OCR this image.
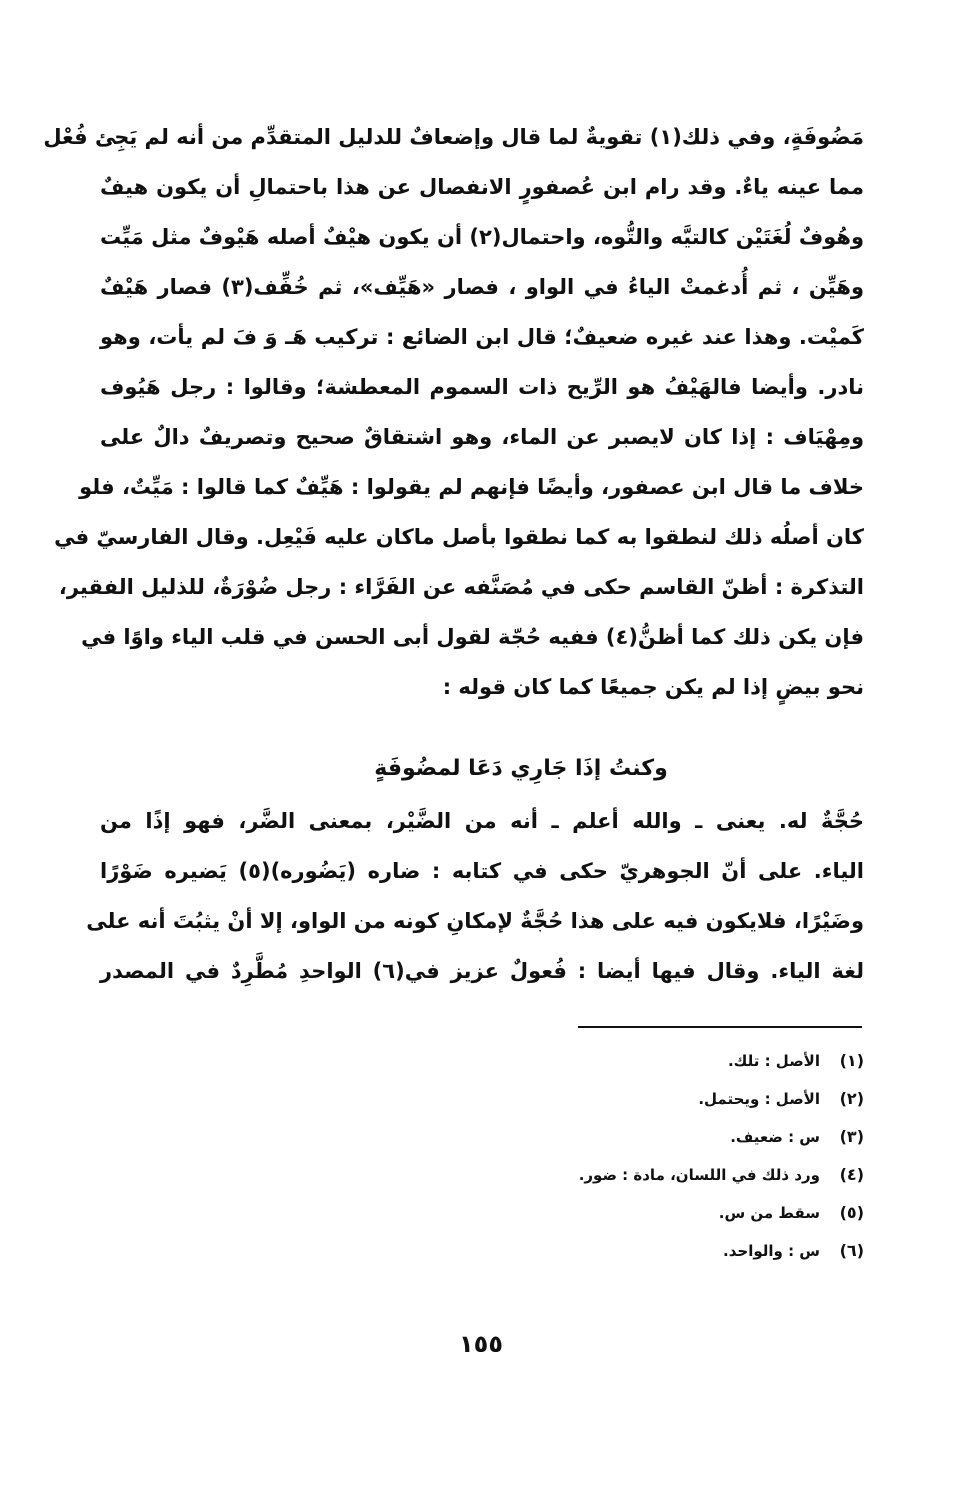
مَضُوفَةٍ، وفي ذلك(١) تقويةٌ لما قال وإضعافٌ للدليل المتقدِّم من أنه لم يَجِئ فُعْل
مما عينه ياءٌ. وقد رام ابن عُصفورٍ الانفصال عن هذا باحتمالِ أن يكون هيفٌ
وهُوفٌ لُغَتَيْن كالتيَّه والتُّوه، واحتمال(٢) أن يكون هيْفٌ أصله هَيْوفٌ مثل مَيِّت
وهَيِّن ، ثم أُدغمتْ الياءُ في الواو ، فصار «هَيِّف»، ثم خُفِّف(٣) فصار هَيْفٌ
كَميْت. وهذا عند غيره ضعيفٌ؛ قال ابن الضائع : تركيب هَـ وَ فَ لم يأت، وهو
نادر. وأيضا فالهَيْفُ هو الرِّيح ذات السموم المعطشة؛ وقالوا : رجل هَيُوف
ومِهْيَاف : إذا كان لايصبر عن الماء، وهو اشتقاقٌ صحيح وتصريفٌ دالٌ على
خلاف ما قال ابن عصفور، وأيضًا فإنهم لم يقولوا : هَيِّفٌ كما قالوا : مَيِّتٌ، فلو
كان أصلُه ذلك لنطقوا به كما نطقوا بأصل ماكان عليه فَيْعِل. وقال الفارسيّ في
التذكرة : أظنّ القاسم حكى في مُصَنَّفه عن الفَرَّاء : رجل ضُوْرَةٌ، للذليل الفقير،
فإن يكن ذلك كما أظنُّ(٤) ففيه حُجّة لقول أبى الحسن في قلب الياء واوًا في
نحو بيضٍ إذا لم يكن جميعًا كما كان قوله :
وكنتُ إذَا جَارِي دَعَا لمضُوفَةٍ
حُجَّةٌ له. يعنى ـ والله أعلم ـ أنه من الضَّيْر، بمعنى الضَّر، فهو إذًا من
الياء. على أنّ الجوهريّ حكى في كتابه : ضاره (يَضُوره)(٥) يَضيره ضَوْرًا
وضَيْرًا، فلايكون فيه على هذا حُجَّةٌ لإمكانِ كونه من الواو، إلا أنْ يثبُتَ أنه على
لغة الياء. وقال فيها أيضا : فُعولٌ عزيز في(٦) الواحدِ مُطَّرِدٌ في المصدر
(١)
الأصل : تلك.
(٢)
الأصل : ويحتمل.
(٣)
س : ضعيف.
(٤)
ورد ذلك في اللسان، مادة : ضور.
(٥)
سقط من س.
(٦)
س : والواحد.
١٥٥
